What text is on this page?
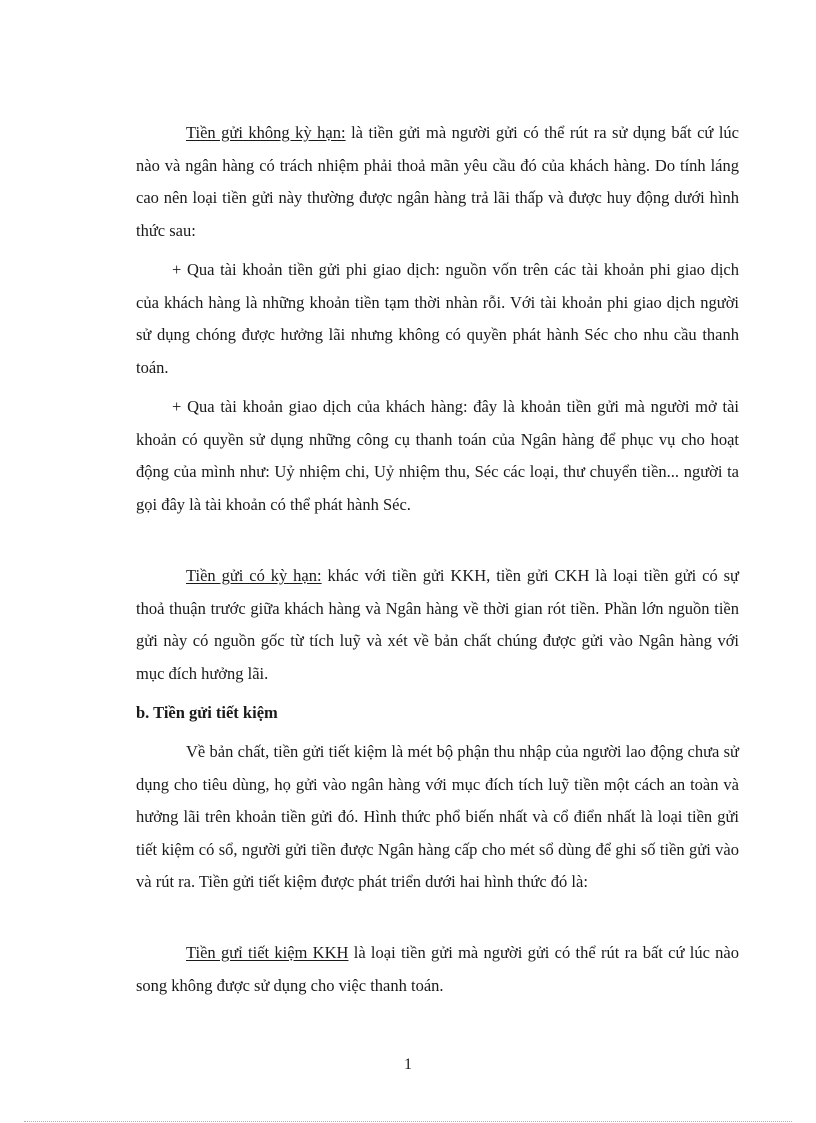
Tiền gửi không kỳ hạn: là tiền gửi mà người gửi có thể rút ra sử dụng bất cứ lúc nào và ngân hàng có trách nhiệm phải thoả mãn yêu cầu đó của khách hàng. Do tính láng cao nên loại tiền gửi này thường được ngân hàng trả lãi thấp và được huy động dưới hình thức sau:

+ Qua tài khoản tiền gửi phi giao dịch: nguồn vốn trên các tài khoản phi giao dịch của khách hàng là những khoản tiền tạm thời nhàn rỗi. Với tài khoản phi giao dịch người sử dụng chóng được hưởng lãi nhưng không có quyền phát hành Séc cho nhu cầu thanh toán.

+ Qua tài khoản giao dịch của khách hàng: đây là khoản tiền gửi mà người mở tài khoản có quyền sử dụng những công cụ thanh toán của Ngân hàng để phục vụ cho hoạt động của mình như: Uỷ nhiệm chi, Uỷ nhiệm thu, Séc các loại, thư chuyển tiền... người ta gọi đây là tài khoản có thể phát hành Séc.

Tiền gửi có kỳ hạn: khác với tiền gửi KKH, tiền gửi CKH là loại tiền gửi có sự thoả thuận trước giữa khách hàng và Ngân hàng về thời gian rót tiền. Phần lớn nguồn tiền gửi này có nguồn gốc từ tích luỹ và xét về bản chất chúng được gửi vào Ngân hàng với mục đích hưởng lãi.

b. Tiền gửi tiết kiệm

Về bản chất, tiền gửi tiết kiệm là mét bộ phận thu nhập của người lao động chưa sử dụng cho tiêu dùng, họ gửi vào ngân hàng với mục đích tích luỹ tiền một cách an toàn và hưởng lãi trên khoản tiền gửi đó. Hình thức phổ biến nhất và cổ điển nhất là loại tiền gửi tiết kiệm có sổ, người gửi tiền được Ngân hàng cấp cho mét sổ dùng để ghi số tiền gửi vào và rút ra. Tiền gửi tiết kiệm được phát triển dưới hai hình thức đó là:

Tiền gưỉ tiết kiệm KKH là loại tiền gửi mà người gửi có thể rút ra bất cứ lúc nào song không được sử dụng cho việc thanh toán.

1
